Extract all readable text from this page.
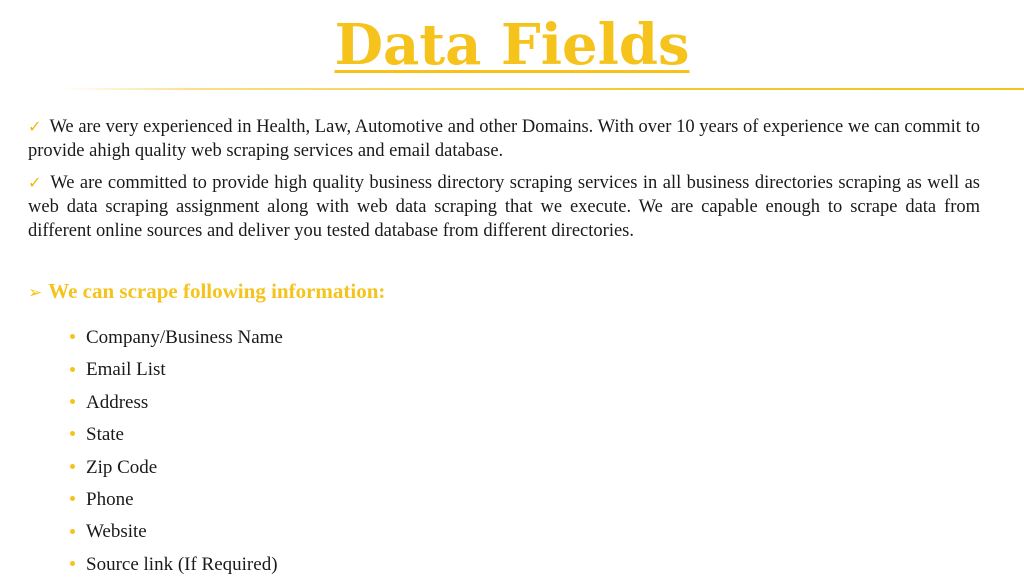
Data Fields

✓ We are very experienced in Health, Law, Automotive and other Domains. With over 10 years of experience we can commit to provide ahigh quality web scraping services and email database.

✓ We are committed to provide high quality business directory scraping services in all business directories scraping as well as web data scraping assignment along with web data scraping that we execute. We are capable enough to scrape data from different online sources and deliver you tested database from different directories.

➢ We can scrape following information:
Company/Business Name
Email List
Address
State
Zip Code
Phone
Website
Source link (If Required)
